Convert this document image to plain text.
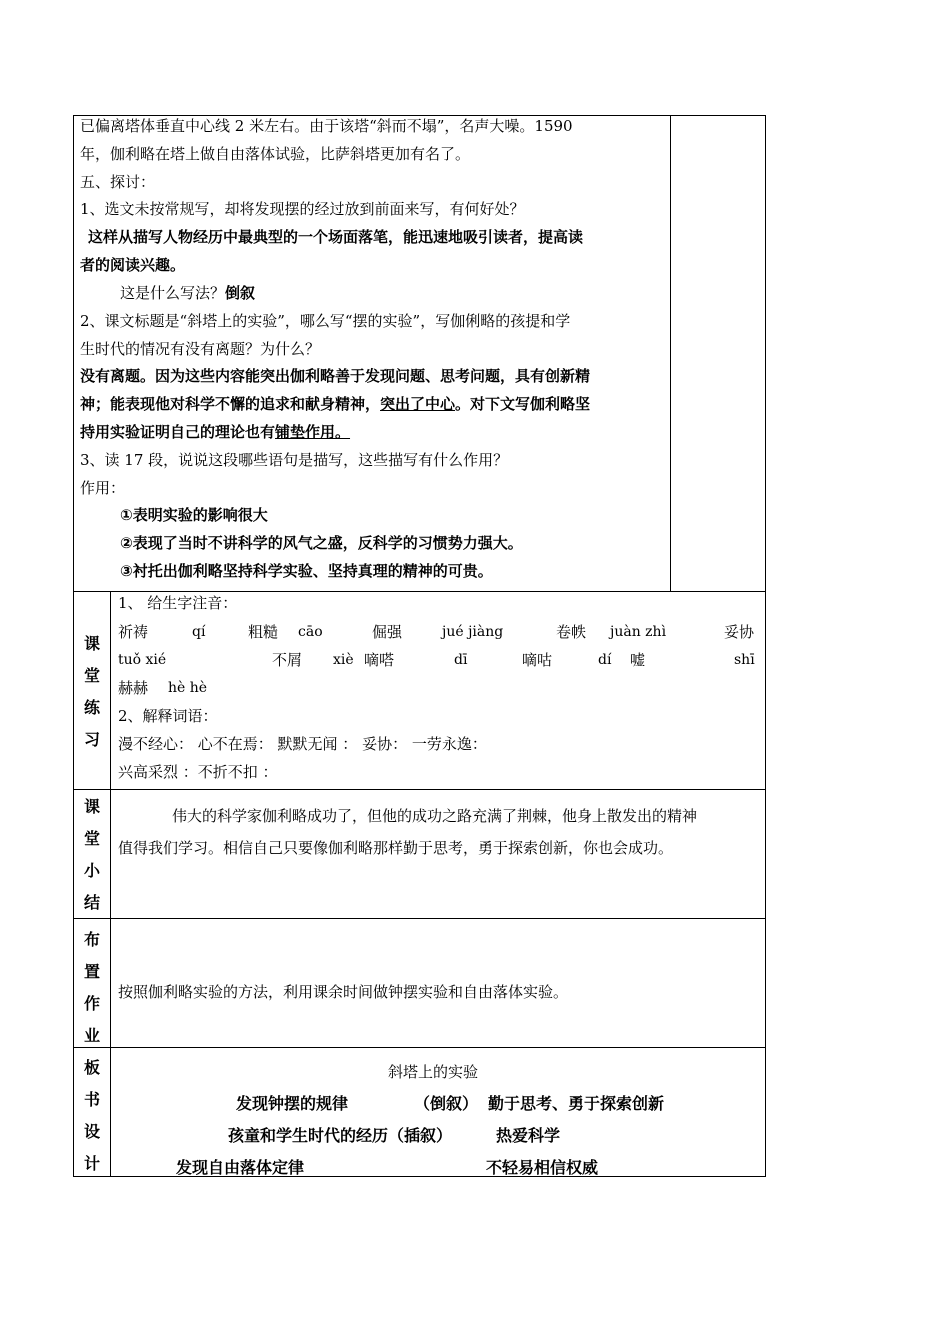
已偏离塔体垂直中心线 2 米左右。由于该塔“斜而不塌”，名声大噪。1590
年，伽利略在塔上做自由落体试验，比萨斜塔更加有名了。
五、探讨：
1、选文未按常规写，却将发现摆的经过放到前面来写，有何好处？
这样从描写人物经历中最典型的一个场面落笔，能迅速地吸引读者，提高读
者的阅读兴趣。
这是什么写法？倒叙
2、课文标题是“斜塔上的实验”，哪么写“摆的实验”，写伽俐略的孩提和学
生时代的情况有没有离题？为什么？
没有离题。因为这些内容能突出伽利略善于发现问题、思考问题，具有创新精
神；能表现他对科学不懈的追求和献身精神，突出了中心。对下文写伽利略坚
持用实验证明自己的理论也有铺垫作用。
3、读 17 段，说说这段哪些语句是描写，这些描写有什么作用？
作用：
①表明实验的影响很大
②表现了当时不讲科学的风气之盛，反科学的习惯势力强大。
③衬托出伽利略坚持科学实验、坚持真理的精神的可贵。
课
堂
练
习
1、 给生字注音：
祈祷	qí	粗糙 cāo	倔强	jué jiàng	卷帙 juàn zhì	妥协
tuǒ xié	不屑 xiè 嘀嗒	dī	嘀咕	dí 嘘	shī
赫赫 hè hè
2、解释词语：
漫不经心： 心不在焉： 默默无闻 ： 妥协： 一劳永逸：
兴高采烈 ：不折不扣 ：
课
堂
小
结
伟大的科学家伽利略成功了，但他的成功之路充满了荆棘，他身上散发出的精神
值得我们学习。相信自己只要像伽利略那样勤于思考，勇于探索创新，你也会成功。
布
置
作
业
按照伽利略实验的方法，利用课余时间做钟摆实验和自由落体实验。
板
书
设
计
斜塔上的实验
发现钟摆的规律	（倒叙） 勤于思考、勇于探索创新
孩童和学生时代的经历（插叙）	热爱科学
发现自由落体定律	不轻易相信权威
